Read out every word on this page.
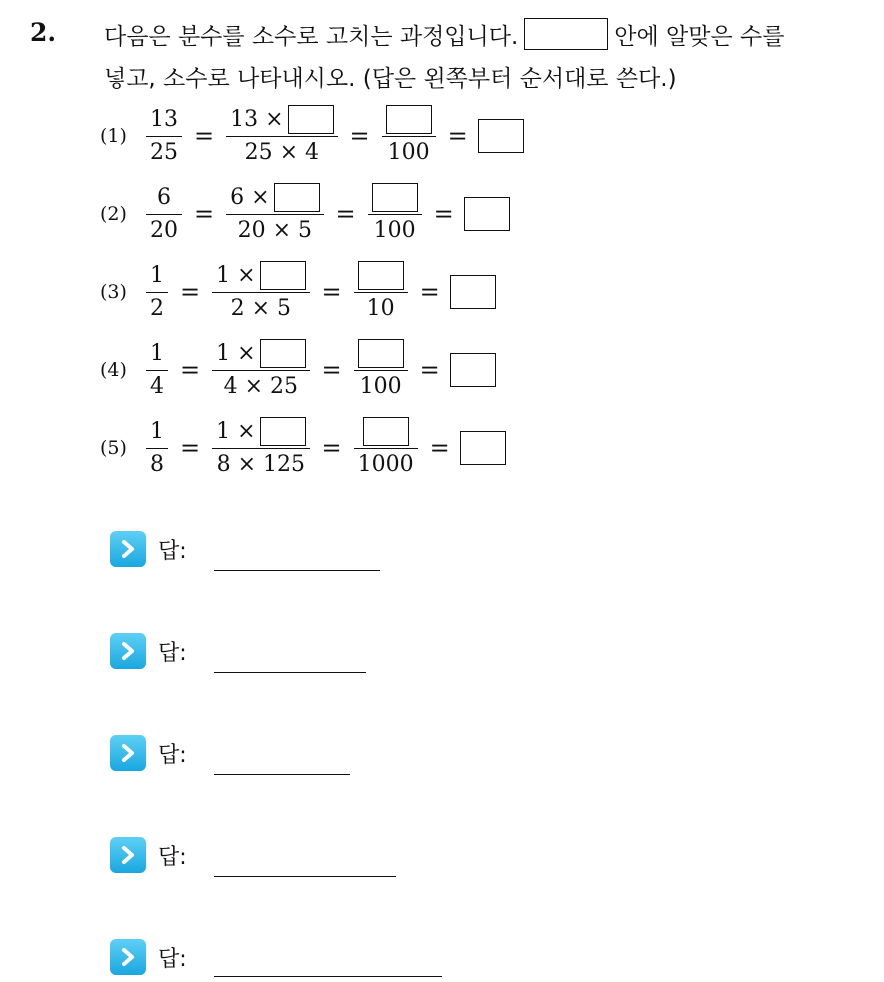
2. 다음은 분수를 소수로 고치는 과정입니다.	안에 알맞은 수를
넣고, 소수로 나타내시오. (답은 왼쪽부터 순서대로 쓴다.)
$(1) \frac{13}{25} = \frac{13 \times}{25 \times 4}$ =
100
=
$(2) \frac{6}{20} = \frac{6 \times}{20 \times 5}$ =
100
=
$(3) \frac{1}{2} = \frac{1 \times}{2 \times 5}$ =
10
=
$(4) \frac{1}{4} = \frac{1 \times}{4 \times 25}$ =
100
=
$(5) \frac{1}{8} = \frac{1 \times}{8 \times 125}$ =
1000
=
답:
답:
답:
답:
답:
